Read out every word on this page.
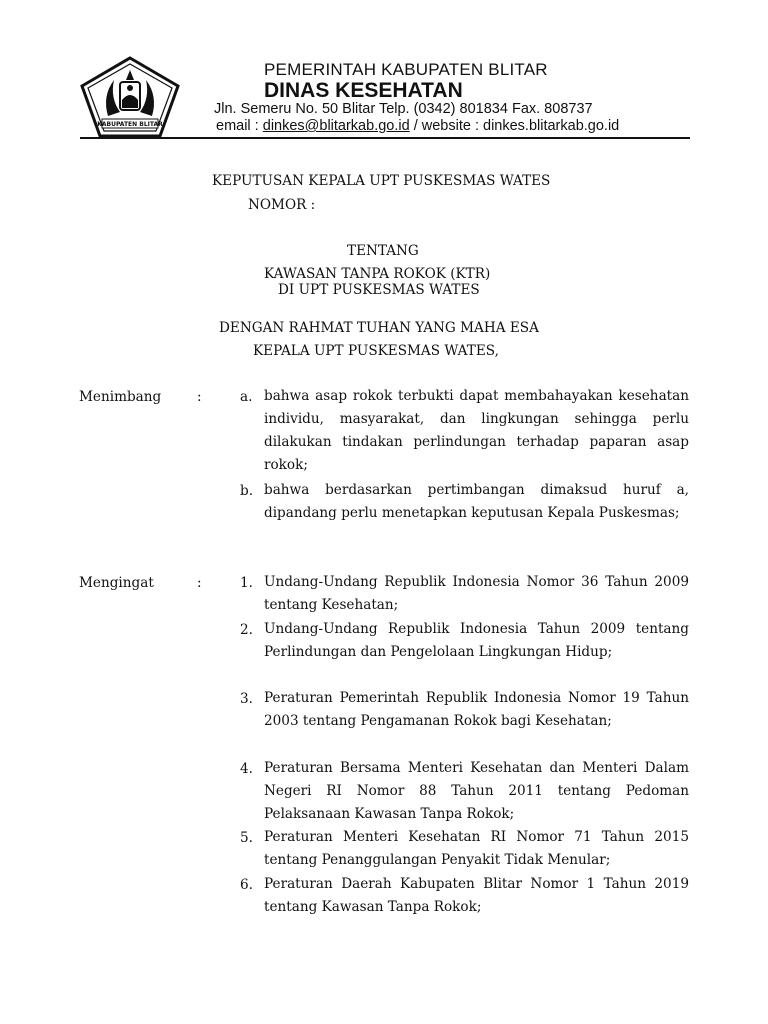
KABUPATEN BLITAR
PEMERINTAH KABUPATEN BLITAR
DINAS KESEHATAN
Jln. Semeru No. 50 Blitar Telp. (0342) 801834 Fax. 808737
email : dinkes@blitarkab.go.id / website : dinkes.blitarkab.go.id
KEPUTUSAN KEPALA UPT PUSKESMAS WATES
NOMOR :
TENTANG
KAWASAN TANPA ROKOK (KTR)
DI UPT PUSKESMAS WATES
DENGAN RAHMAT TUHAN YANG MAHA ESA
KEPALA UPT PUSKESMAS WATES,
Menimbang	:	a. bahwa asap rokok terbukti dapat membahayakan kesehatan individu, masyarakat, dan lingkungan sehingga perlu dilakukan tindakan perlindungan terhadap paparan asap rokok;
b. bahwa berdasarkan pertimbangan dimaksud huruf a, dipandang perlu menetapkan keputusan Kepala Puskesmas;
Mengingat	:	1. Undang-Undang Republik Indonesia Nomor 36 Tahun 2009 tentang Kesehatan;
2. Undang-Undang Republik Indonesia Tahun 2009 tentang Perlindungan dan Pengelolaan Lingkungan Hidup;
3. Peraturan Pemerintah Republik Indonesia Nomor 19 Tahun 2003 tentang Pengamanan Rokok bagi Kesehatan;
4. Peraturan Bersama Menteri Kesehatan dan Menteri Dalam Negeri RI Nomor 88 Tahun 2011 tentang Pedoman Pelaksanaan Kawasan Tanpa Rokok;
5. Peraturan Menteri Kesehatan RI Nomor 71 Tahun 2015 tentang Penanggulangan Penyakit Tidak Menular;
6. Peraturan Daerah Kabupaten Blitar Nomor 1 Tahun 2019 tentang Kawasan Tanpa Rokok;
